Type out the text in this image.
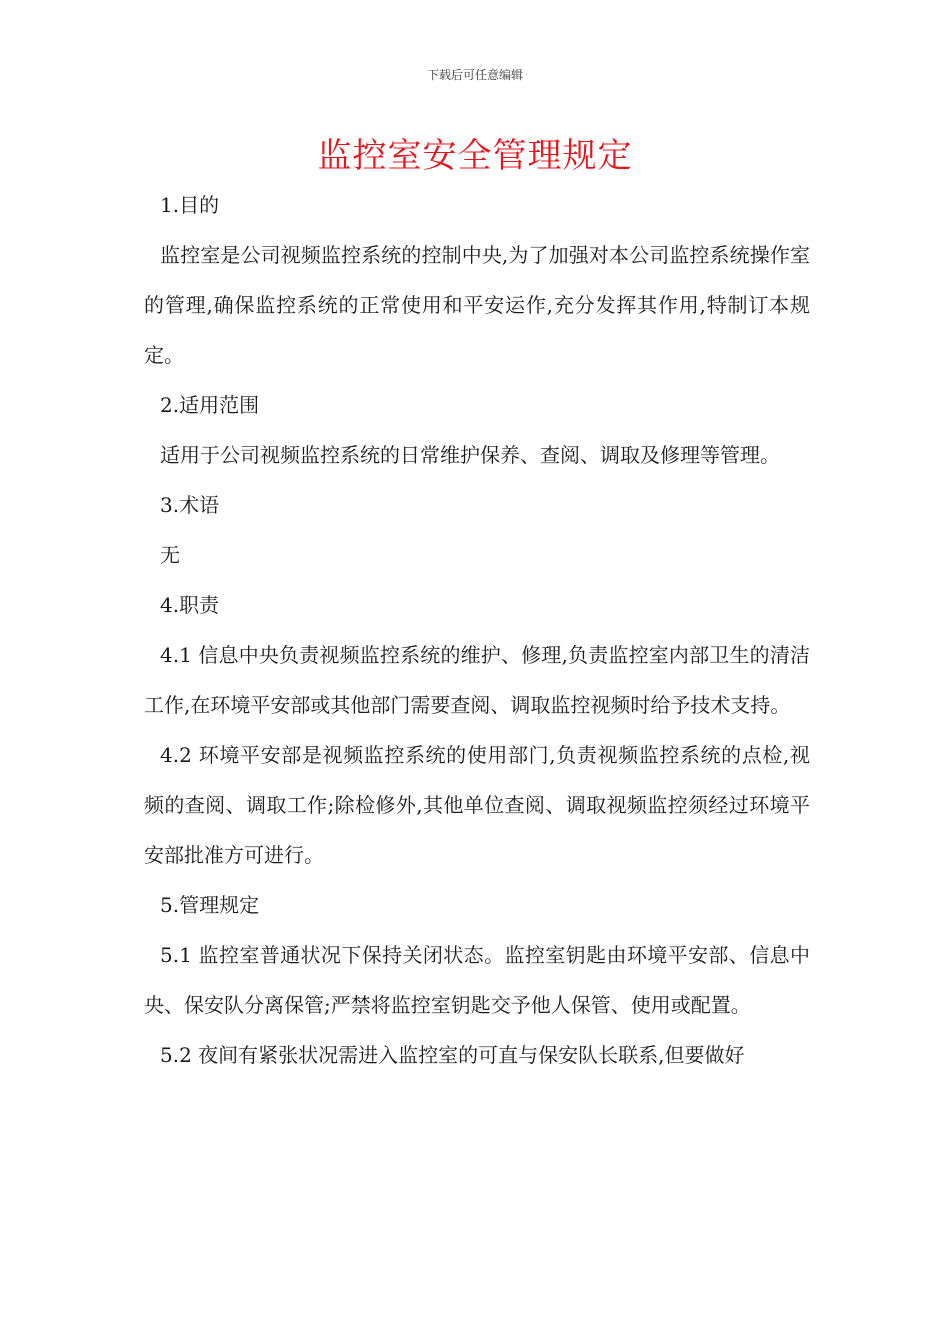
下载后可任意编辑
监控室安全管理规定

1.目的

监控室是公司视频监控系统的控制中央,为了加强对本公司监控系统操作室的管理,确保监控系统的正常使用和平安运作,充分发挥其作用,特制订本规定。

2.适用范围

适用于公司视频监控系统的日常维护保养、查阅、调取及修理等管理。

3.术语

无

4.职责

4.1 信息中央负责视频监控系统的维护、修理,负责监控室内部卫生的清洁工作,在环境平安部或其他部门需要查阅、调取监控视频时给予技术支持。

4.2 环境平安部是视频监控系统的使用部门,负责视频监控系统的点检,视频的查阅、调取工作;除检修外,其他单位查阅、调取视频监控须经过环境平安部批准方可进行。

5.管理规定

5.1 监控室普通状况下保持关闭状态。监控室钥匙由环境平安部、信息中央、保安队分离保管;严禁将监控室钥匙交予他人保管、使用或配置。

5.2 夜间有紧张状况需进入监控室的可直与保安队长联系,但要做好
